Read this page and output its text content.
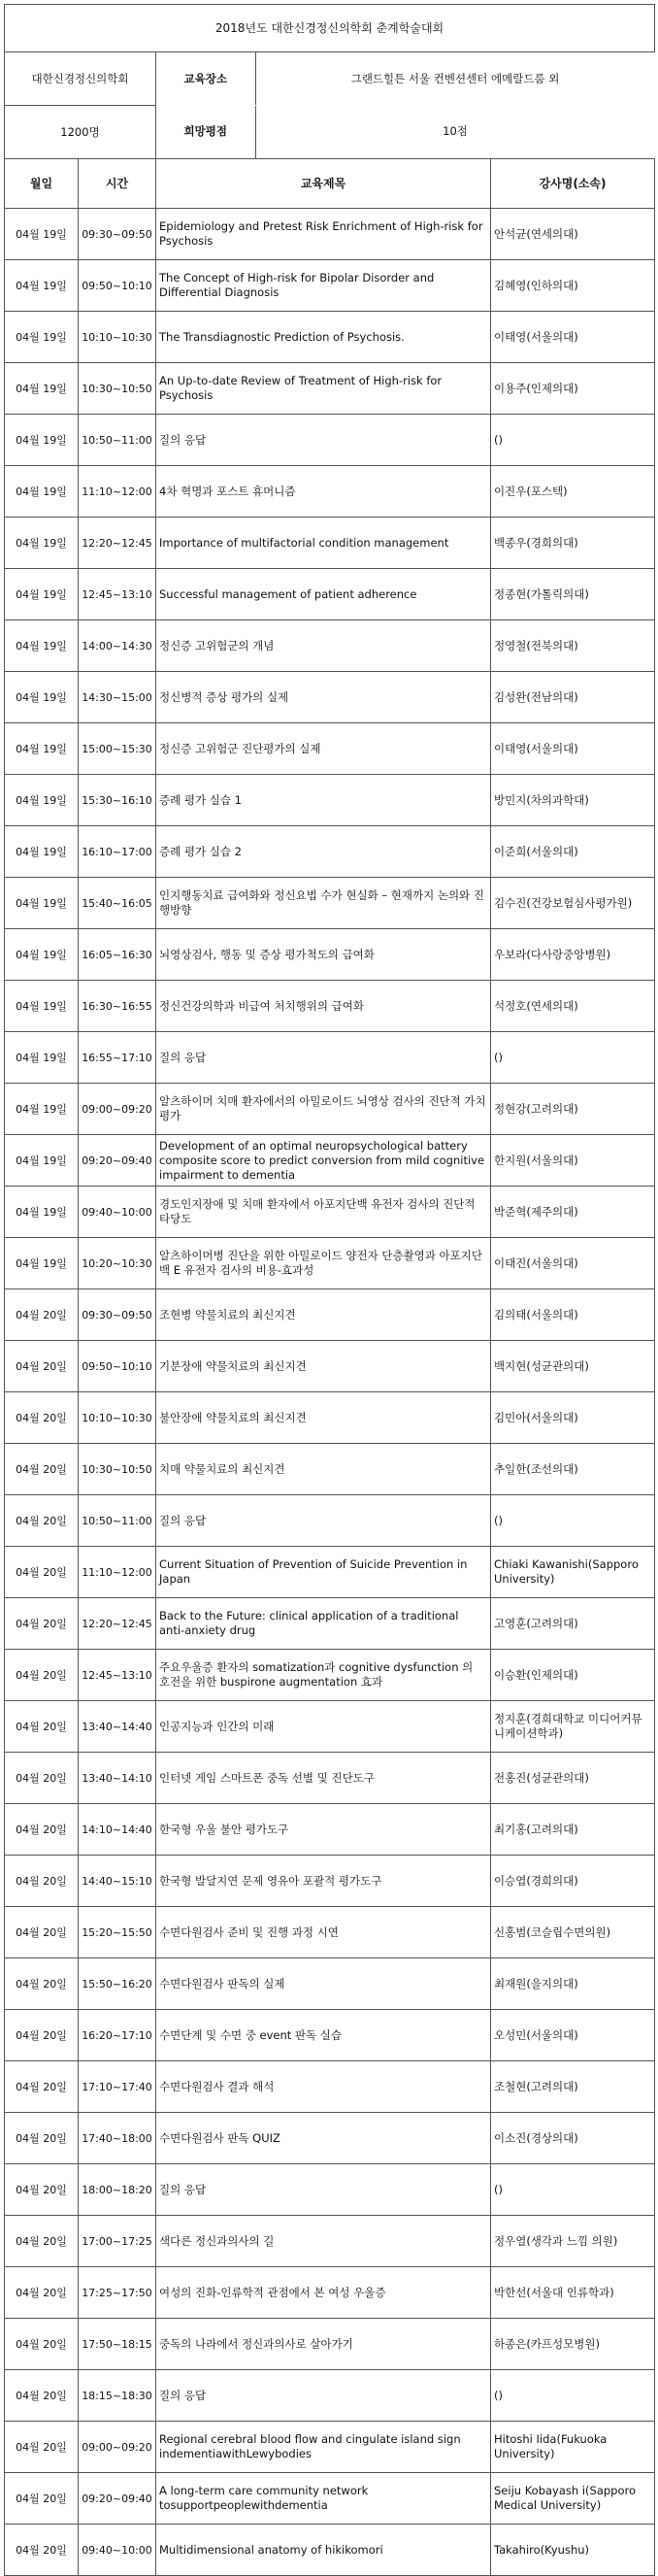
2018년도 대한신경정신의학회 춘계학술대회
대한신경정신의학회		교육장소	그랜드힐튼 서울 컨벤션센터 에메랄드룸 외

1200명		희망평점	10점

월일	시간	교육제목	강사명(소속)
04월 19일	09:30~09:50	Epidemiology and Pretest Risk Enrichment of High-risk for Psychosis	안석균(연세의대)
04월 19일	09:50~10:10	The Concept of High-risk for Bipolar Disorder and Differential Diagnosis	김혜영(인하의대)
04월 19일	10:10~10:30	The Transdiagnostic Prediction of Psychosis.	이태영(서울의대)
04월 19일	10:30~10:50	An Up-to-date Review of Treatment of High-risk for Psychosis	이용주(인제의대)
04월 19일	10:50~11:00	질의 응답	()
04월 19일	11:10~12:00	4차 혁명과 포스트 휴머니즘	이진우(포스텍)
04월 19일	12:20~12:45	Importance of multifactorial condition management	백종우(경희의대)
04월 19일	12:45~13:10	Successful management of patient adherence	정종현(가톨릭의대)
04월 19일	14:00~14:30	정신증 고위험군의 개념	정영철(전북의대)
04월 19일	14:30~15:00	정신병적 증상 평가의 실제	김성완(전남의대)
04월 19일	15:00~15:30	정신증 고위험군 진단평가의 실제	이태영(서울의대)
04월 19일	15:30~16:10	증례 평가 실습 1	방민지(차의과학대)
04월 19일	16:10~17:00	증례 평가 실습 2	이준희(서울의대)
04월 19일	15:40~16:05	인지행동치료 급여화와 정신요법 수가 현실화 – 현재까지 논의와 진행방향	김수진(건강보험심사평가원)
04월 19일	16:05~16:30	뇌영상검사, 행동 및 증상 평가척도의 급여화	우보라(다사랑중앙병원)
04월 19일	16:30~16:55	정신건강의학과 비급여 처치행위의 급여화	석정호(연세의대)
04월 19일	16:55~17:10	질의 응답	()
04월 19일	09:00~09:20	알츠하이머 치매 환자에서의 아밀로이드 뇌영상 검사의 진단적 가치 평가	정현강(고려의대)
04월 19일	09:20~09:40	Development of an optimal neuropsychological battery composite score to predict conversion from mild cognitive impairment to dementia	한지원(서울의대)
04월 19일	09:40~10:00	경도인지장애 및 치매 환자에서 아포지단백 유전자 검사의 진단적 타당도	박준혁(제주의대)
04월 19일	10:20~10:30	알츠하이머병 진단을 위한 아밀로이드 양전자 단층촬영과 아포지단백 E 유전자 검사의 비용-효과성	이태진(서울의대)
04월 20일	09:30~09:50	조현병 약물치료의 최신지견	김의태(서울의대)
04월 20일	09:50~10:10	기분장애 약물치료의 최신지견	백지현(성균관의대)
04월 20일	10:10~10:30	불안장애 약물치료의 최신지견	김민아(서울의대)
04월 20일	10:30~10:50	치매 약물치료의 최신지견	추일한(조선의대)
04월 20일	10:50~11:00	질의 응답	()
04월 20일	11:10~12:00	Current Situation of Prevention of Suicide Prevention in Japan	Chiaki Kawanishi(Sapporo University)
04월 20일	12:20~12:45	Back to the Future: clinical application of a traditional anti-anxiety drug	고영훈(고려의대)
04월 20일	12:45~13:10	주요우울증 환자의 somatization과 cognitive dysfunction 의 호전을 위한 buspirone augmentation 효과	이승환(인제의대)
04월 20일	13:40~14:40	인공지능과 인간의 미래	정지훈(경희대학교 미디어커뮤니케이션학과)
04월 20일	13:40~14:10	인터넷 게임 스마트폰 중독 선별 및 진단도구	전홍진(성균관의대)
04월 20일	14:10~14:40	한국형 우울 불안 평가도구	최기홍(고려의대)
04월 20일	14:40~15:10	한국형 발달지연 문제 영유아 포괄적 평가도구	이승엽(경희의대)
04월 20일	15:20~15:50	수면다원검사 준비 및 진행 과정 시연	신홍범(코슬립수면의원)
04월 20일	15:50~16:20	수면다원검사 판독의 실제	최재원(을지의대)
04월 20일	16:20~17:10	수면단계 및 수면 중 event 판독 실습	오성민(서울의대)
04월 20일	17:10~17:40	수면다원검사 결과 해석	조철현(고려의대)
04월 20일	17:40~18:00	수면다원검사 판독 QUIZ	이소진(경상의대)
04월 20일	18:00~18:20	질의 응답	()
04월 20일	17:00~17:25	색다른 정신과의사의 길	정우열(생각과 느낌 의원)
04월 20일	17:25~17:50	여성의 진화-인류학적 관점에서 본 여성 우울증	박한선(서울대 인류학과)
04월 20일	17:50~18:15	중독의 나라에서 정신과의사로 살아가기	하종은(카프성모병원)
04월 20일	18:15~18:30	질의 응답	()
04월 20일	09:00~09:20	Regional cerebral blood flow and cingulate island sign indementiawithLewybodies	Hitoshi Iida(Fukuoka University)
04월 20일	09:20~09:40	A long-term care community network tosupportpeoplewithdementia	Seiju Kobayash i(Sapporo Medical University)
04월 20일	09:40~10:00	Multidimensional anatomy of hikikomori	Takahiro(Kyushu)
